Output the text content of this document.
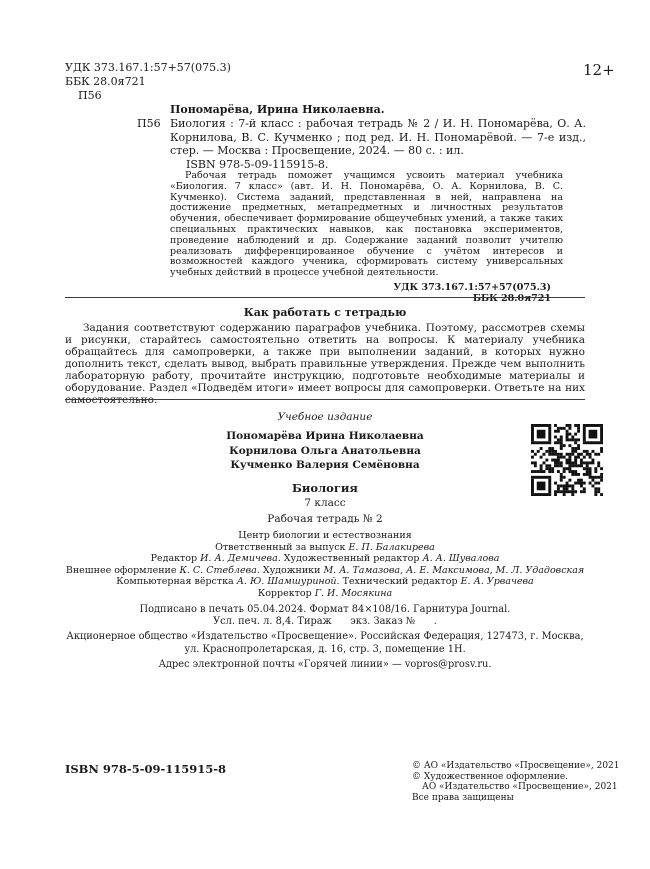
УДК 373.167.1:57+57(075.3)
ББК 28.0я721
П56
12+
Пономарёва, Ирина Николаевна.
П56 Биология : 7-й класс : рабочая тетрадь № 2 / И. Н. Пономарёва, О. А. Корнилова, В. С. Кучменко ; под ред. И. Н. Пономарёвой. — 7-е изд., стер. — Москва : Просвещение, 2024. — 80 с. : ил.
ISBN 978-5-09-115915-8.
Рабочая тетрадь поможет учащимся усвоить материал учебника «Биология. 7 класс» (авт. И. Н. Пономарёва, О. А. Корнилова, В. С. Кучменко). Система заданий, представленная в ней, направлена на достижение предметных, метапредметных и личностных результатов обучения, обеспечивает формирование общеучебных умений, а также таких специальных практических навыков, как постановка экспериментов, проведение наблюдений и др. Содержание заданий позволит учителю реализовать дифференцированное обучение с учётом интересов и возможностей каждого ученика, сформировать систему универсальных учебных действий в процессе учебной деятельности.
УДК 373.167.1:57+57(075.3)
ББК 28.0я721
Как работать с тетрадью
Задания соответствуют содержанию параграфов учебника. Поэтому, рассмотрев схемы и рисунки, старайтесь самостоятельно ответить на вопросы. К материалу учебника обращайтесь для самопроверки, а также при выполнении заданий, в которых нужно дополнить текст, сделать вывод, выбрать правильные утверждения. Прежде чем выполнить лабораторную работу, прочитайте инструкцию, подготовьте необходимые материалы и оборудование. Раздел «Подведём итоги» имеет вопросы для самопроверки. Ответьте на них самостоятельно.
Учебное издание
Пономарёва Ирина Николаевна
Корнилова Ольга Анатольевна
Кучменко Валерия Семёновна
Биология
7 класс
Рабочая тетрадь № 2
Центр биологии и естествознания
Ответственный за выпуск Е. П. Балакирева
Редактор И. А. Демичева. Художественный редактор А. А. Шувалова
Внешнее оформление К. С. Стеблева. Художники М. А. Тамазова, А. Е. Максимова, М. Л. Удадовская
Компьютерная вёрстка А. Ю. Шамшуриной. Технический редактор Е. А. Урвачева
Корректор Г. И. Мосякина
Подписано в печать 05.04.2024. Формат 84×108/16. Гарнитура Journal.
Усл. печ. л. 8,4. Тираж      экз. Заказ №      .
Акционерное общество «Издательство «Просвещение». Российская Федерация, 127473, г. Москва,
ул. Краснопролетарская, д. 16, стр. 3, помещение 1Н.
Адрес электронной почты «Горячей линии» — vopros@prosv.ru.
ISBN 978-5-09-115915-8	© АО «Издательство «Просвещение», 2021
© Художественное оформление.
АО «Издательство «Просвещение», 2021
Все права защищены
